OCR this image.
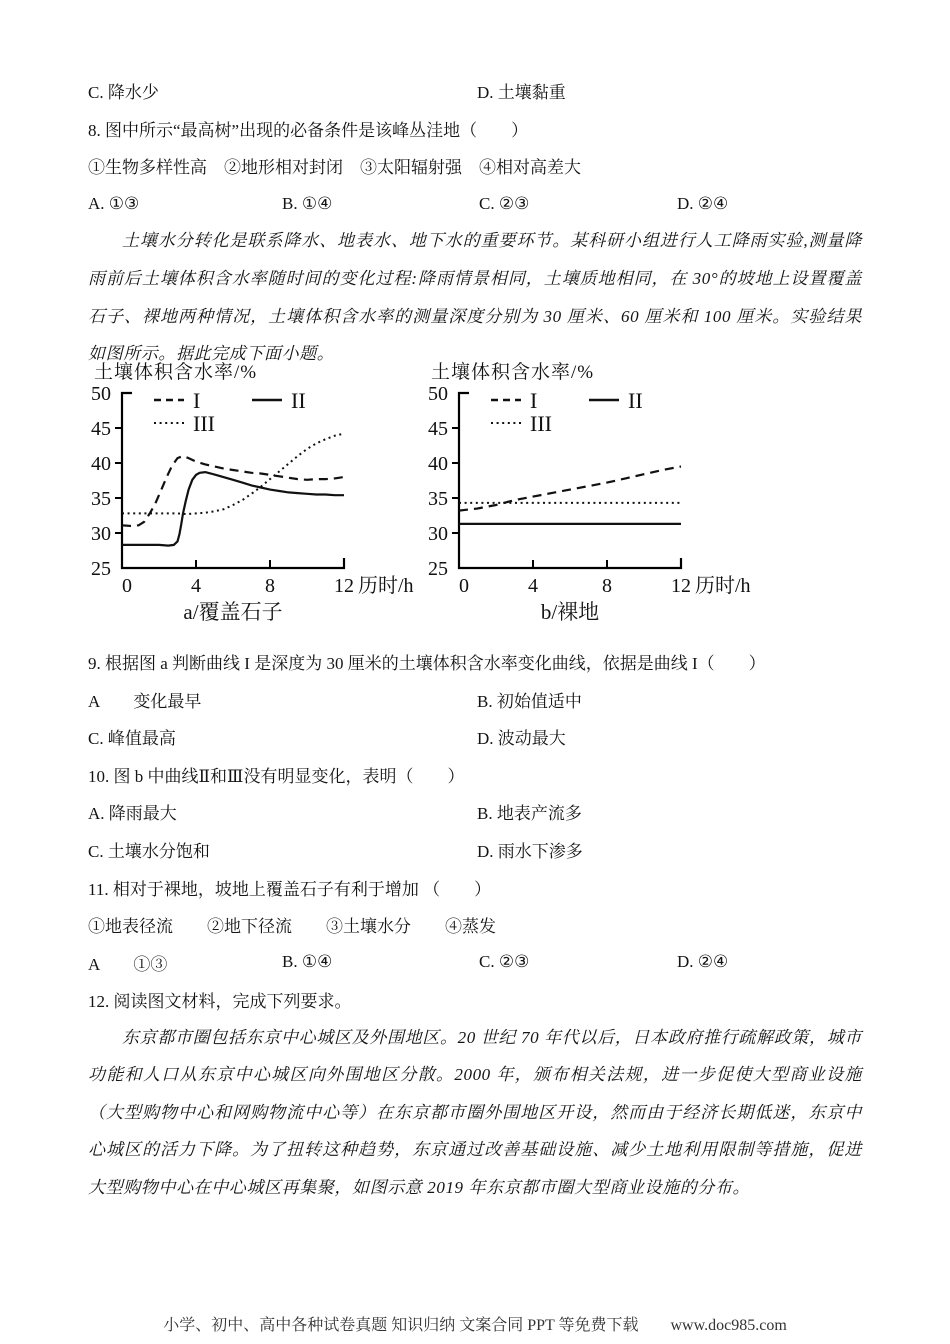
C. 降水少	D. 土壤黏重
8. 图中所示“最高树”出现的必备条件是该峰丛洼地（　　）
①生物多样性高　②地形相对封闭　③太阳辐射强　④相对高差大
A. ①③	B. ①④	C. ②③	D. ②④

土壤水分转化是联系降水、地表水、地下水的重要环节。某科研小组进行人工降雨实验,测量降雨前后土壤体积含水率随时间的变化过程:降雨情景相同，土壤质地相同，在 30°的坡地上设置覆盖石子、裸地两种情况，土壤体积含水率的测量深度分别为 30 厘米、60 厘米和 100 厘米。实验结果如图所示。据此完成下面小题。

土壤体积含水率/%
25
30
35
40
45
50
0	4	8	12 历时/h
I	II
III
a/覆盖石子
土壤体积含水率/%
25
30
35
40
45
50
0	4	8	12 历时/h
I	II
III
b/裸地
9. 根据图 a 判断曲线 I 是深度为 30 厘米的土壤体积含水率变化曲线，依据是曲线 I（　　）
A　　变化最早	B. 初始值适中
C. 峰值最高	D. 波动最大
10. 图 b 中曲线Ⅱ和Ⅲ没有明显变化，表明（　　）
A. 降雨最大	B. 地表产流多
C. 土壤水分饱和	D. 雨水下渗多
11. 相对于裸地，坡地上覆盖石子有利于增加 （　　）
①地表径流　　②地下径流　　③土壤水分　　④蒸发
A　　①③	B. ①④	C. ②③	D. ②④
12. 阅读图文材料，完成下列要求。

东京都市圈包括东京中心城区及外围地区。20 世纪 70 年代以后，日本政府推行疏解政策，城市功能和人口从东京中心城区向外围地区分散。2000 年，颁布相关法规，进一步促使大型商业设施（大型购物中心和网购物流中心等）在东京都市圈外围地区开设，然而由于经济长期低迷，东京中心城区的活力下降。为了扭转这种趋势，东京通过改善基础设施、减少土地利用限制等措施，促进大型购物中心在中心城区再集聚，如图示意 2019 年东京都市圈大型商业设施的分布。

小学、初中、高中各种试卷真题 知识归纳 文案合同 PPT 等免费下载 www.doc985.com
